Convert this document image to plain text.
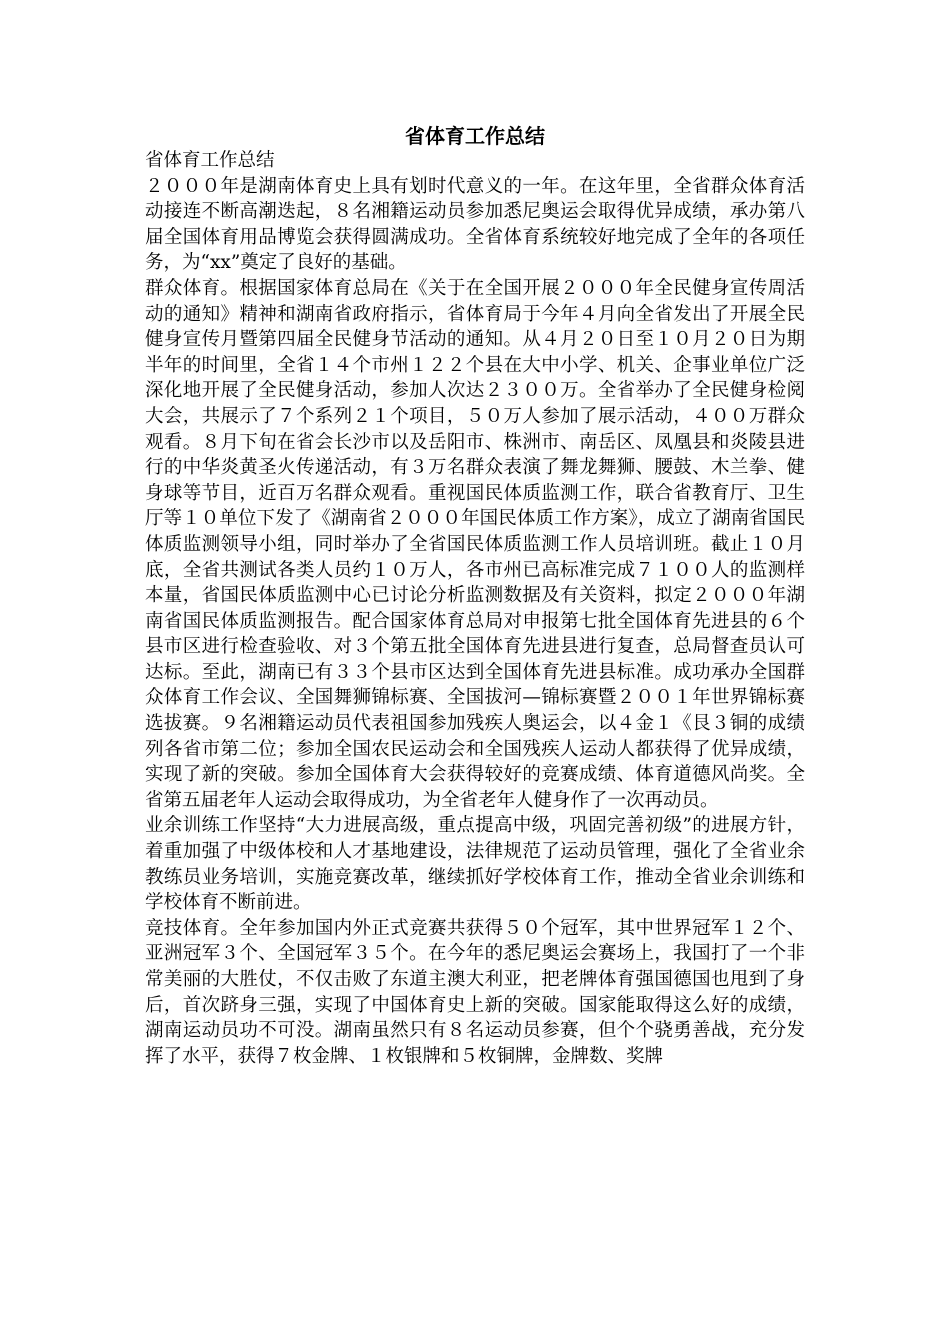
省体育工作总结

省体育工作总结

２０００年是湖南体育史上具有划时代意义的一年。在这年里，全省群众体育活动接连不断高潮迭起，８名湘籍运动员参加悉尼奥运会取得优异成绩，承办第八届全国体育用品博览会获得圆满成功。全省体育系统较好地完成了全年的各项任务，为“xx”奠定了良好的基础。

群众体育。根据国家体育总局在《关于在全国开展２０００年全民健身宣传周活动的通知》精神和湖南省政府指示，省体育局于今年４月向全省发出了开展全民健身宣传月暨第四届全民健身节活动的通知。从４月２０日至１０月２０日为期半年的时间里，全省１４个市州１２２个县在大中小学、机关、企事业单位广泛深化地开展了全民健身活动，参加人次达２３００万。全省举办了全民健身检阅大会，共展示了７个系列２１个项目，５０万人参加了展示活动，４００万群众观看。８月下旬在省会长沙市以及岳阳市、株洲市、南岳区、凤凰县和炎陵县进行的中华炎黄圣火传递活动，有３万名群众表演了舞龙舞狮、腰鼓、木兰拳、健身球等节目，近百万名群众观看。重视国民体质监测工作，联合省教育厅、卫生厅等１０单位下发了《湖南省２０００年国民体质工作方案》，成立了湖南省国民体质监测领导小组，同时举办了全省国民体质监测工作人员培训班。截止１０月底，全省共测试各类人员约１０万人，各市州已高标准完成７１００人的监测样本量，省国民体质监测中心已讨论分析监测数据及有关资料，拟定２０００年湖南省国民体质监测报告。配合国家体育总局对申报第七批全国体育先进县的６个县市区进行检查验收、对３个第五批全国体育先进县进行复查，总局督查员认可达标。至此，湖南已有３３个县市区达到全国体育先进县标准。成功承办全国群众体育工作会议、全国舞狮锦标赛、全国拔河—锦标赛暨２００１年世界锦标赛选拔赛。９名湘籍运动员代表祖国参加残疾人奥运会，以４金１《艮３铜的成绩列各省市第二位；参加全国农民运动会和全国残疾人运动人都获得了优异成绩，实现了新的突破。参加全国体育大会获得较好的竞赛成绩、体育道德风尚奖。全省第五届老年人运动会取得成功，为全省老年人健身作了一次再动员。

业余训练工作坚持“大力进展高级，重点提高中级，巩固完善初级”的进展方针，着重加强了中级体校和人才基地建设，法律规范了运动员管理，强化了全省业余教练员业务培训，实施竞赛改革，继续抓好学校体育工作，推动全省业余训练和学校体育不断前进。

竞技体育。全年参加国内外正式竞赛共获得５０个冠军，其中世界冠军１２个、亚洲冠军３个、全国冠军３５个。在今年的悉尼奥运会赛场上，我国打了一个非常美丽的大胜仗，不仅击败了东道主澳大利亚，把老牌体育强国德国也甩到了身后，首次跻身三强，实现了中国体育史上新的突破。国家能取得这么好的成绩，湖南运动员功不可没。湖南虽然只有８名运动员参赛，但个个骁勇善战，充分发挥了水平，获得７枚金牌、１枚银牌和５枚铜牌，金牌数、奖牌
